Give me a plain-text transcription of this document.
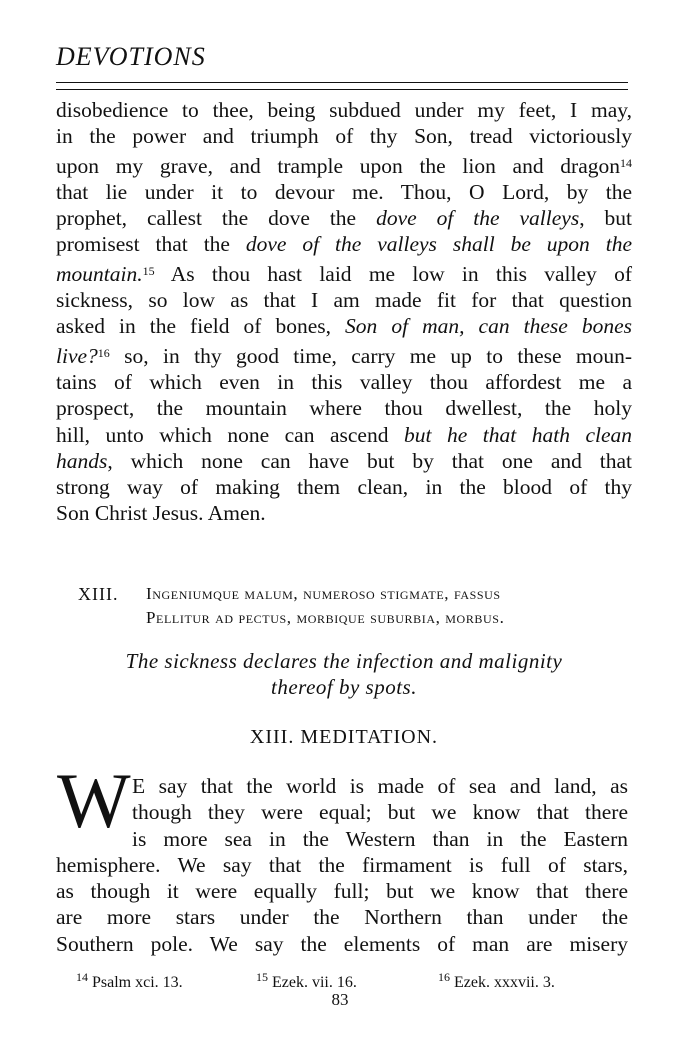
DEVOTIONS
disobedience to thee, being subdued under my feet, I may,
in the power and triumph of thy Son, tread victoriously
upon my grave, and trample upon the lion and dragon$^{14}$
that lie under it to devour me. Thou, O Lord, by the
prophet, callest the dove the dove of the valleys, but
promisest that the dove of the valleys shall be upon the
mountain.$^{15}$ As thou hast laid me low in this valley of
sickness, so low as that I am made fit for that question
asked in the field of bones, Son of man, can these bones
live?$^{16}$ so, in thy good time, carry me up to these moun-
tains of which even in this valley thou affordest me a
prospect, the mountain where thou dwellest, the holy
hill, unto which none can ascend but he that hath clean
hands, which none can have but by that one and that
strong way of making them clean, in the blood of thy
Son Christ Jesus. Amen.
XIII. Ingeniumque malum, numeroso stigmate, fassus
Pellitur ad pectus, morbique suburbia, morbus.
The sickness declares the infection and malignity
thereof by spots.
XIII. MEDITATION.
W E say that the world is made of sea and land, as
though they were equal; but we know that there
is more sea in the Western than in the Eastern
hemisphere. We say that the firmament is full of stars,
as though it were equally full; but we know that there
are more stars under the Northern than under the
Southern pole. We say the elements of man are misery
$^{14}$ Psalm xci. 13.	$^{15}$ Ezek. vii. 16.	$^{16}$ Ezek. xxxvii. 3.
83
